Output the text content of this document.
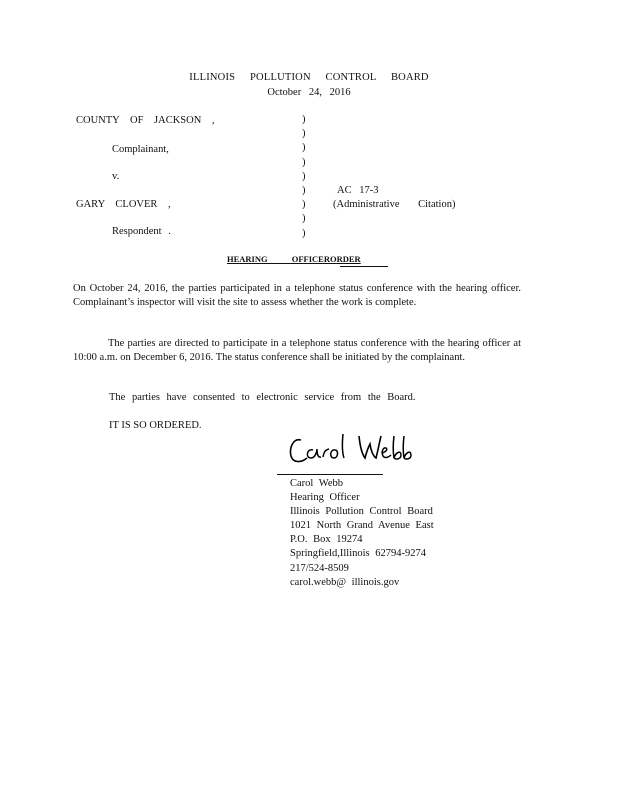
ILLINOIS POLLUTION CONTROL BOARD
October 24, 2016
COUNTY OF JACKSON ,
Complainant,
v.
GARY CLOVER ,
Respondent .
)
)
)
)
)
)
)
)
)
AC 17-3
(Administrative Citation)
HEARING OFFICERORDER
On October 24, 2016, the parties participated in a telephone status conference with the hearing officer. Complainant’s inspector will visit the site to assess whether the work is complete.
The parties are directed to participate in a telephone status conference with the hearing officer at 10:00 a.m. on December 6, 2016. The status conference shall be initiated by the complainant.
The parties have consented to electronic service from the Board.
IT IS SO ORDERED.
Carol Webb
Hearing Officer
Illinois Pollution Control Board
1021 North Grand Avenue East
P.O. Box 19274
Springfield,Illinois 62794-9274
217/524-8509
carol.webb@ illinois.gov
